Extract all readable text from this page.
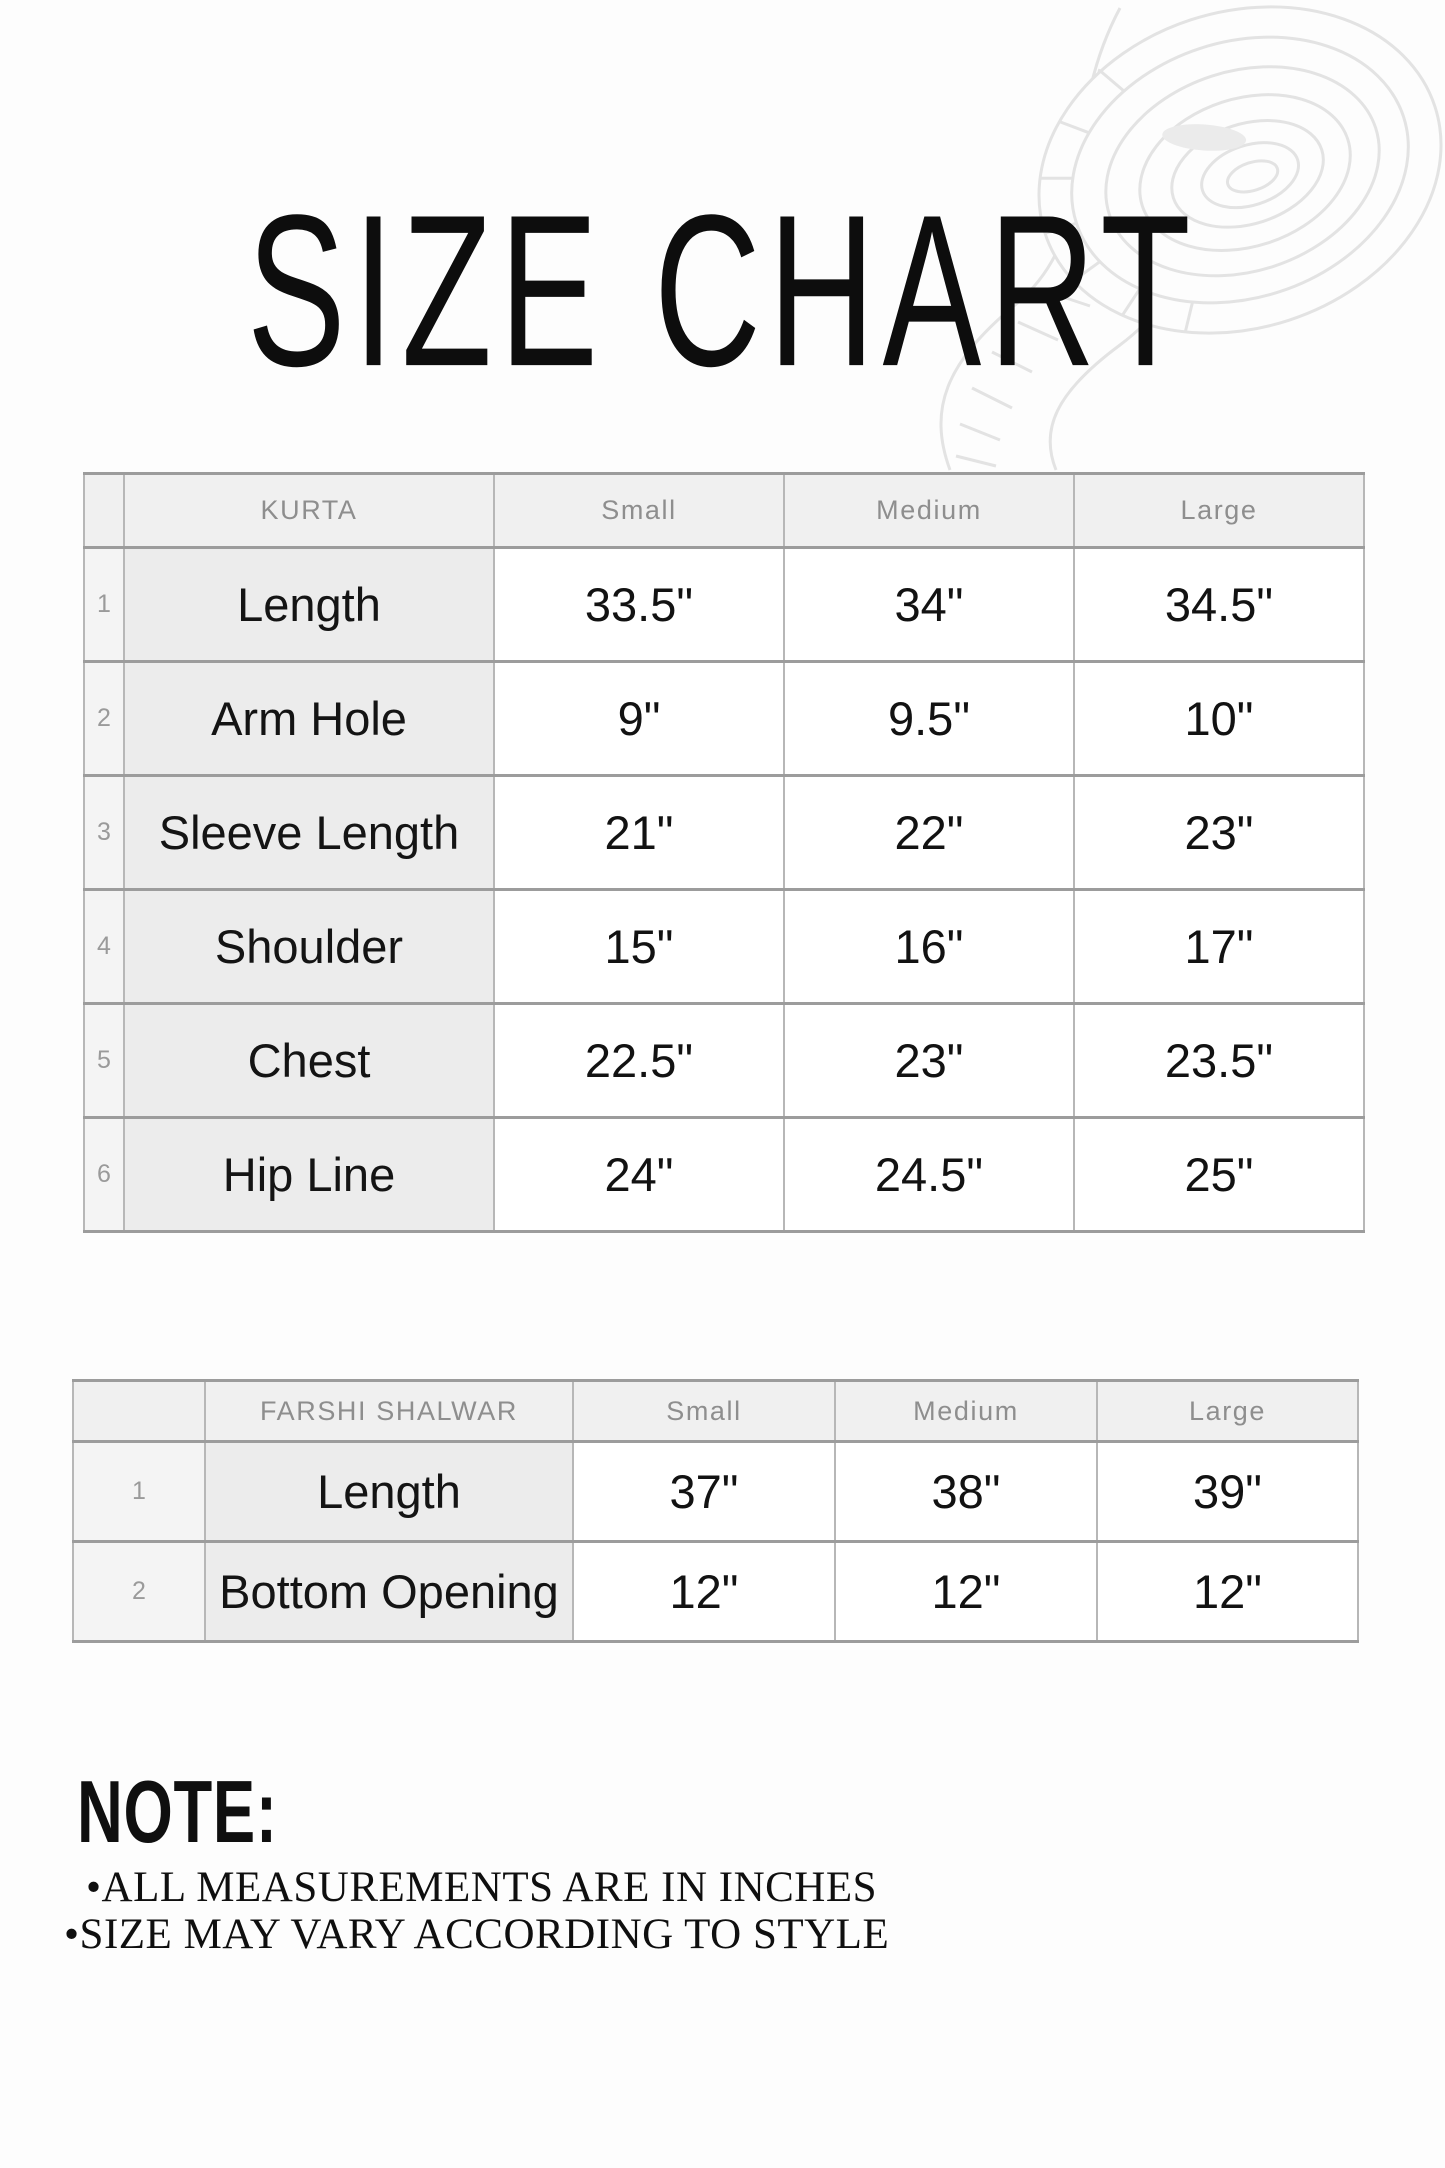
SIZE CHART
	KURTA	Small	Medium	Large
1	Length	33.5"	34"	34.5"
2	Arm Hole	9"	9.5"	10"
3	Sleeve Length	21"	22"	23"
4	Shoulder	15"	16"	17"
5	Chest	22.5"	23"	23.5"
6	Hip Line	24"	24.5"	25"
	FARSHI SHALWAR	Small	Medium	Large
1	Length	37"	38"	39"
2	Bottom Opening	12"	12"	12"
NOTE:
•ALL MEASUREMENTS ARE IN INCHES
•SIZE MAY VARY ACCORDING TO STYLE
